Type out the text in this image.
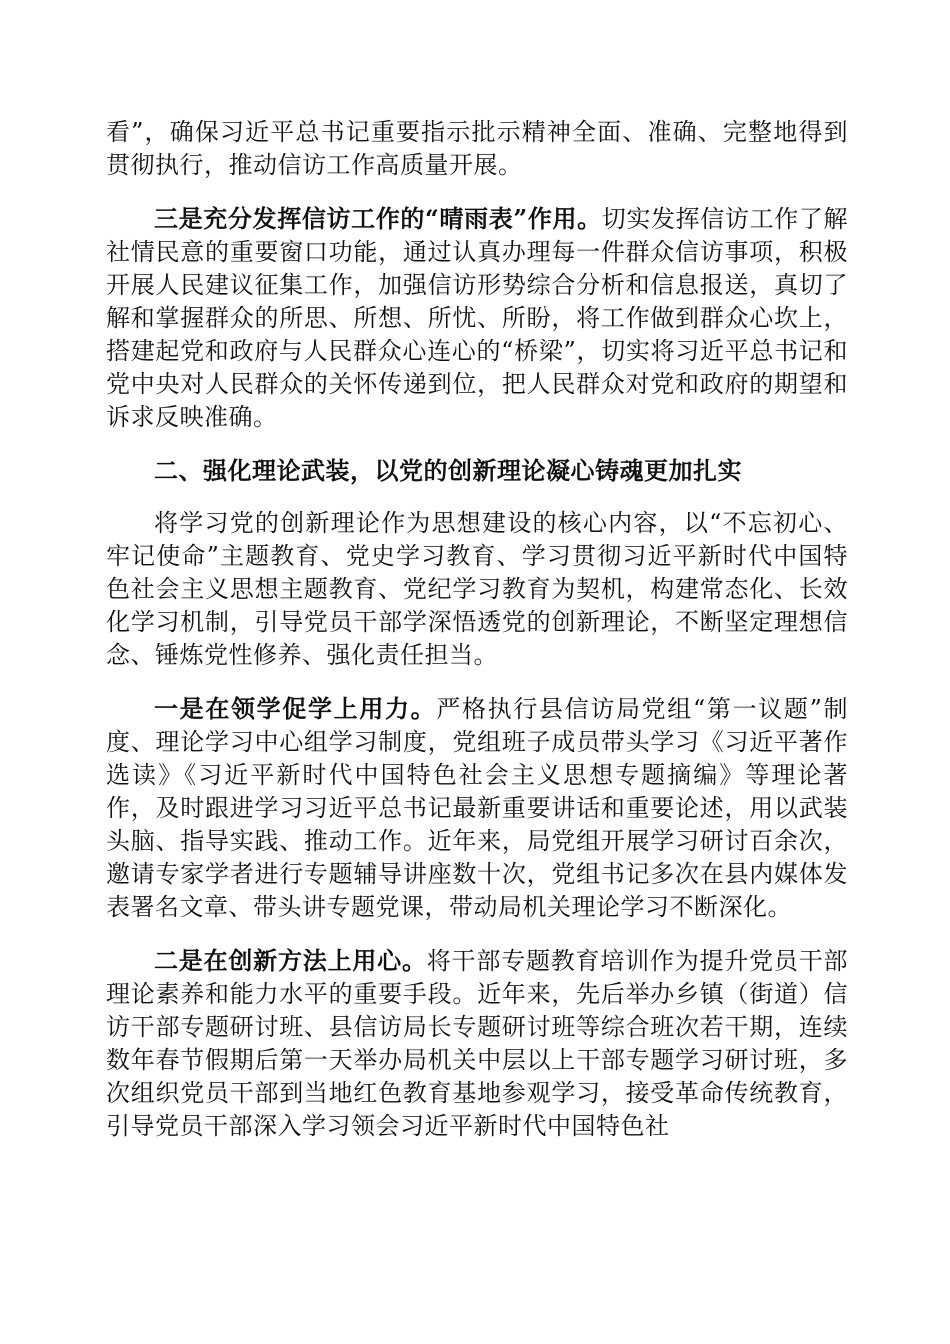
看”，确保习近平总书记重要指示批示精神全面、准确、完整地得到贯彻执行，推动信访工作高质量开展。

三是充分发挥信访工作的“晴雨表”作用。切实发挥信访工作了解社情民意的重要窗口功能，通过认真办理每一件群众信访事项，积极开展人民建议征集工作，加强信访形势综合分析和信息报送，真切了解和掌握群众的所思、所想、所忧、所盼，将工作做到群众心坎上，搭建起党和政府与人民群众心连心的“桥梁”，切实将习近平总书记和党中央对人民群众的关怀传递到位，把人民群众对党和政府的期望和诉求反映准确。

二、强化理论武装，以党的创新理论凝心铸魂更加扎实

将学习党的创新理论作为思想建设的核心内容，以“不忘初心、牢记使命”主题教育、党史学习教育、学习贯彻习近平新时代中国特色社会主义思想主题教育、党纪学习教育为契机，构建常态化、长效化学习机制，引导党员干部学深悟透党的创新理论，不断坚定理想信念、锤炼党性修养、强化责任担当。

一是在领学促学上用力。严格执行县信访局党组“第一议题”制度、理论学习中心组学习制度，党组班子成员带头学习《习近平著作选读》《习近平新时代中国特色社会主义思想专题摘编》等理论著作，及时跟进学习习近平总书记最新重要讲话和重要论述，用以武装头脑、指导实践、推动工作。近年来，局党组开展学习研讨百余次，邀请专家学者进行专题辅导讲座数十次，党组书记多次在县内媒体发表署名文章、带头讲专题党课，带动局机关理论学习不断深化。

二是在创新方法上用心。将干部专题教育培训作为提升党员干部理论素养和能力水平的重要手段。近年来，先后举办乡镇（街道）信访干部专题研讨班、县信访局长专题研讨班等综合班次若干期，连续数年春节假期后第一天举办局机关中层以上干部专题学习研讨班，多次组织党员干部到当地红色教育基地参观学习，接受革命传统教育，引导党员干部深入学习领会习近平新时代中国特色社
